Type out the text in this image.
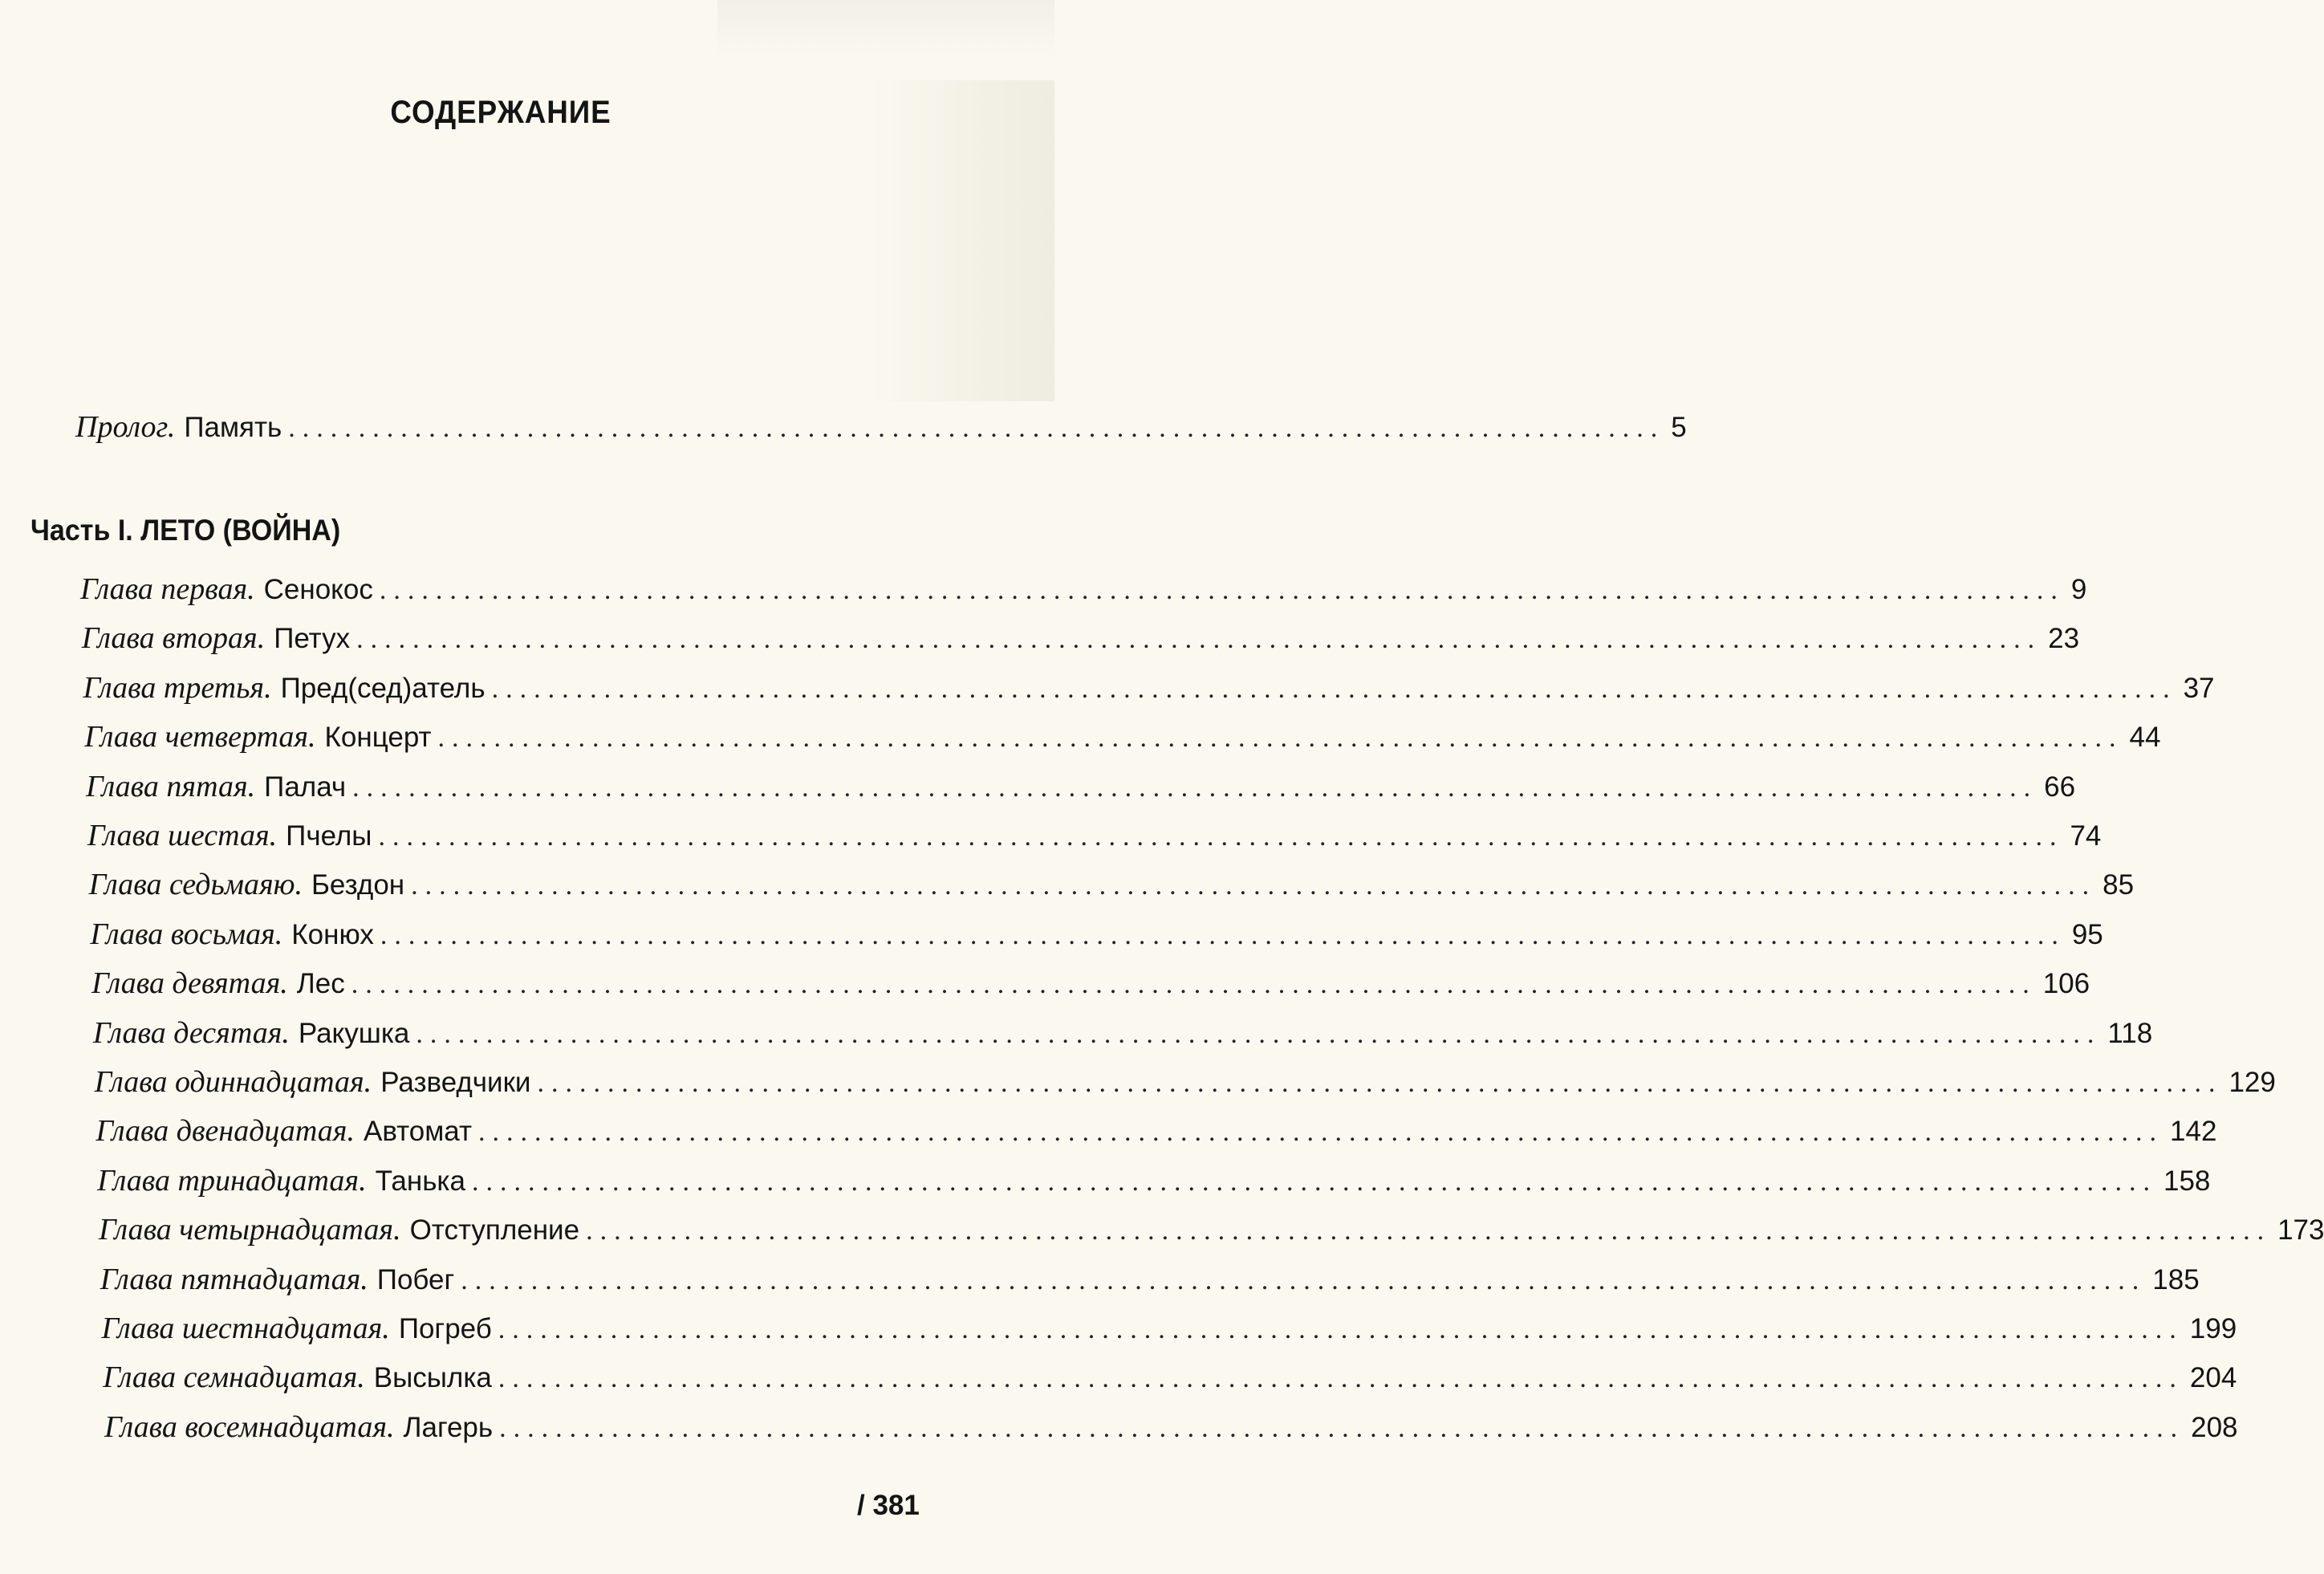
СОДЕРЖАНИЕ
Пролог. Память .................................................................................................. 5
Часть I. ЛЕТО (ВОЙНА)
Глава первая. Сенокос ........................................................................................................................ 9
Глава вторая. Петух ........................................................................................................................ 23
Глава третья. Пред(сед)атель ........................................................................................................................ 37
Глава четвертая. Концерт ........................................................................................................................ 44
Глава пятая. Палач ........................................................................................................................ 66
Глава шестая. Пчелы ........................................................................................................................ 74
Глава седьмаяю. Бездон ........................................................................................................................ 85
Глава восьмая. Конюх ........................................................................................................................ 95
Глава девятая. Лес ........................................................................................................................ 106
Глава десятая. Ракушка ........................................................................................................................ 118
Глава одиннадцатая. Разведчики ........................................................................................................................ 129
Глава двенадцатая. Автомат ........................................................................................................................ 142
Глава тринадцатая. Танька ........................................................................................................................ 158
Глава четырнадцатая. Отступление ........................................................................................................................ 173
Глава пятнадцатая. Побег ........................................................................................................................ 185
Глава шестнадцатая. Погреб ........................................................................................................................ 199
Глава семнадцатая. Высылка ........................................................................................................................ 204
Глава восемнадцатая. Лагерь ........................................................................................................................ 208
/ 381
